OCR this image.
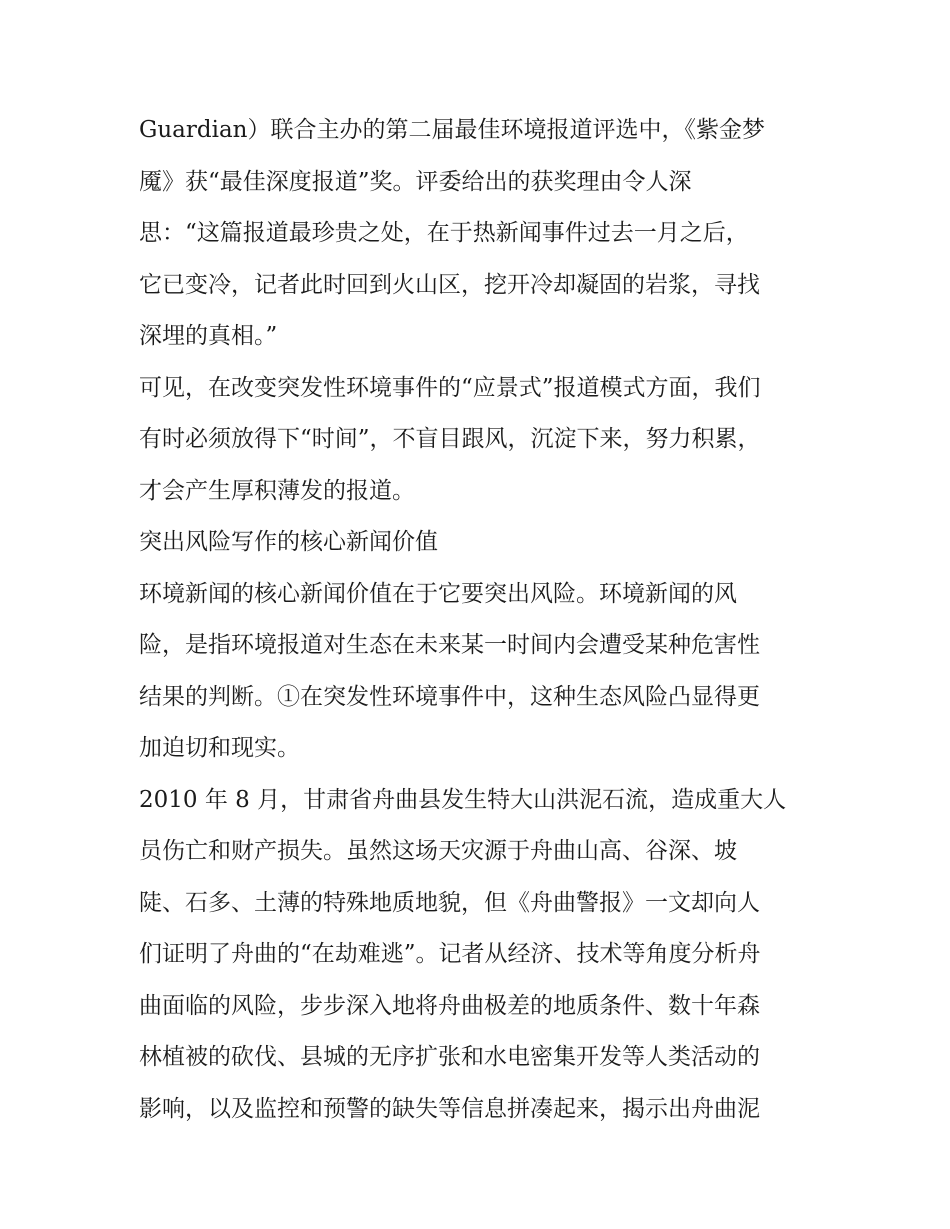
Guardian）联合主办的第二届最佳环境报道评选中，《紫金梦
魇》获“最佳深度报道”奖。评委给出的获奖理由令人深
思：“这篇报道最珍贵之处，在于热新闻事件过去一月之后，
它已变冷，记者此时回到火山区，挖开冷却凝固的岩浆，寻找
深埋的真相。”
可见，在改变突发性环境事件的“应景式”报道模式方面，我们
有时必须放得下“时间”，不盲目跟风，沉淀下来，努力积累，
才会产生厚积薄发的报道。
突出风险写作的核心新闻价值
环境新闻的核心新闻价值在于它要突出风险。环境新闻的风
险，是指环境报道对生态在未来某一时间内会遭受某种危害性
结果的判断。①在突发性环境事件中，这种生态风险凸显得更
加迫切和现实。
2010 年 8 月，甘肃省舟曲县发生特大山洪泥石流，造成重大人
员伤亡和财产损失。虽然这场天灾源于舟曲山高、谷深、坡
陡、石多、土薄的特殊地质地貌，但《舟曲警报》一文却向人
们证明了舟曲的“在劫难逃”。记者从经济、技术等角度分析舟
曲面临的风险，步步深入地将舟曲极差的地质条件、数十年森
林植被的砍伐、县城的无序扩张和水电密集开发等人类活动的
影响，以及监控和预警的缺失等信息拼凑起来，揭示出舟曲泥
